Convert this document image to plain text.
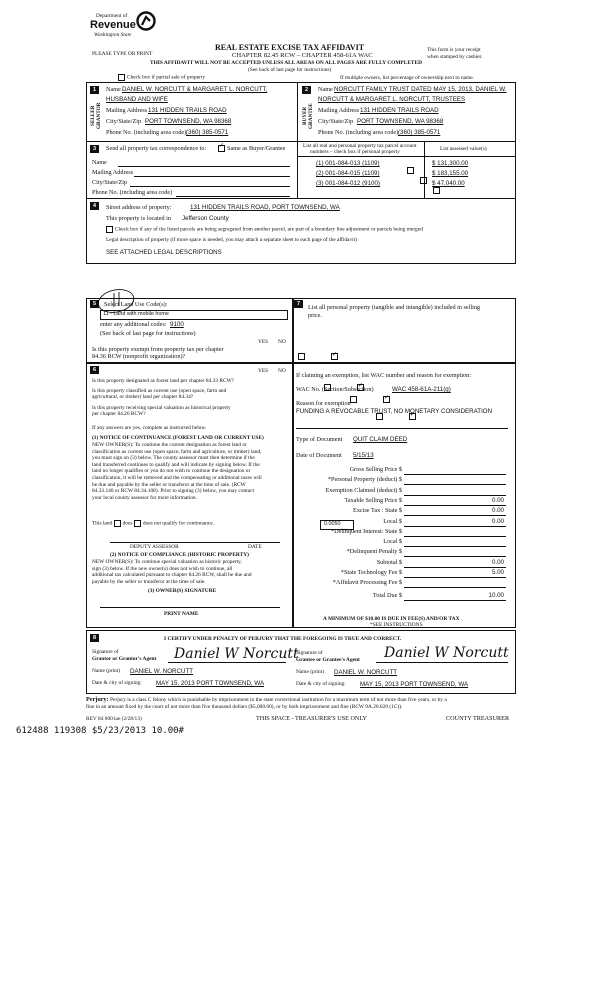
Department of
Revenue
Washington State
PLEASE TYPE OR PRINT
REAL ESTATE EXCISE TAX AFFIDAVIT
CHAPTER 82.45 RCW – CHAPTER 458-61A WAC
THIS AFFIDAVIT WILL NOT BE ACCEPTED UNLESS ALL AREAS ON ALL PAGES ARE FULLY COMPLETED
(See back of last page for instructions)
This form is your receipt
when stamped by cashier.
Check box if partial sale of property	If multiple owners, list percentage of ownership next to name.
1
SELLER GRANTOR
Name DANIEL W. NORCUTT & MARGARET L. NORCUTT,
HUSBAND AND WIFE
Mailing Address 131 HIDDEN TRAILS ROAD
City/State/Zip PORT TOWNSEND, WA 98368
Phone No. (including area code) (360) 385-0571
2
BUYER GRANTEE
Name NORCUTT FAMILY TRUST DATED MAY 15, 2013, DANIEL W.
NORCUTT & MARGARET L. NORCUTT, TRUSTEES
Mailing Address 131 HIDDEN TRAILS ROAD
City/State/Zip PORT TOWNSEND, WA 98368
Phone No. (including area code) (360) 385-0571
3	Send all property tax correspondence to:
✓	Same as Buyer/Grantee
Name
Mailing Address
City/State/Zip
Phone No. (including area code)
List all real and personal property tax parcel account
numbers – check box if personal property	List assessed value(s)
(1) 001-084-013 (1109)
	$ 131,300.00
(2) 001-084-015 (1109)
	$ 183,155.00
(3) 001-084-012 (9100)
	$ 47,040.00
4	Street address of property:	131 HIDDEN TRAILS ROAD, PORT TOWNSEND, WA
This property is located in Jefferson County
Check box if any of the listed parcels are being segregated from another parcel, are part of a boundary line adjustment or parcels being merged
Legal description of property (if more space is needed, you may attach a separate sheet to each page of the affidavit)
SEE ATTACHED LEGAL DESCRIPTIONS
5	Select Land Use Code(s):
11 - Land with mobile home
enter any additional codes: 9100
(See back of last page for instructions)
YES NO
Is this property exempt from property tax per chapter
84.36 RCW (nonprofit organization)?
✓
7	List all personal property (tangible and intangible) included in selling
price.
6	YES NO
Is this property designated as forest land per chapter 84.33 RCW?
✓
Is this property classified as current use (open space, farm and
agricultural, or timber) land per chapter 84.34?
✓
Is this property receiving special valuation as historical property
per chapter 84.26 RCW?
✓
If any answers are yes, complete as instructed below.
(1) NOTICE OF CONTINUANCE (FOREST LAND OR CURRENT USE)
NEW OWNER(S): To continue the current designation as forest land or
classification as current use (open space, farm and agriculture, or timber) land,
you must sign on (3) below. The county assessor must then determine if the
land transferred continues to qualify and will indicate by signing below. If the
land no longer qualifies or you do not wish to continue the designation or
classification, it will be removed and the compensating or additional taxes will
be due and payable by the seller or transferor at the time of sale. (RCW
84.33.140 or RCW 84.34.108). Prior to signing (3) below, you may contact
your local county assessor for more information.
This land does does not qualify for continuance.
DEPUTY ASSESSOR	DATE
(2) NOTICE OF COMPLIANCE (HISTORIC PROPERTY)
NEW OWNER(S): To continue special valuation as historic property,
sign (3) below. If the new owner(s) does not wish to continue, all
additional tax calculated pursuant to chapter 84.26 RCW, shall be due and
payable by the seller or transferor at the time of sale.
(3) OWNER(S) SIGNATURE
PRINT NAME
If claiming an exemption, list WAC number and reason for exemption:
WAC No. (Section/Subsection)	WAC 458-61A-211(g)
Reason for exemption
FUNDING A REVOCABLE TRUST, NO MONETARY CONSIDERATION
Type of Document QUIT CLAIM DEED
Date of Document 5/15/13
Gross Selling Price $
*Personal Property (deduct) $
Exemption Claimed (deduct) $
Taxable Selling Price $	0.00
Excise Tax : State $	0.00
Local $	0.00
*Delinquent Interest: State $
Local $
*Delinquent Penalty $
Subtotal $	0.00
*State Technology Fee $	5.00
*Affidavit Processing Fee $
Total Due $	10.00
0.0050
A MINIMUM OF $10.00 IS DUE IN FEE(S) AND/OR TAX
*SEE INSTRUCTIONS
8	I CERTIFY UNDER PENALTY OF PERJURY THAT THE FOREGOING IS TRUE AND CORRECT.
Signature of
Grantor or Grantor's Agent Daniel W Norcutt
Name (print) DANIEL W. NORCUTT
Date & city of signing: MAY 15, 2013 PORT TOWNSEND, WA
Signature of
Grantee or Grantee's Agent Daniel W Norcutt
Name (print) DANIEL W. NORCUTT
Date & city of signing: MAY 15, 2013 PORT TOWNSEND, WA
Perjury: Perjury is a class C felony which is punishable by imprisonment in the state correctional institution for a maximum term of not more than five years, or by a
fine in an amount fixed by the court of not more than five thousand dollars ($5,000.00), or by both imprisonment and fine (RCW 9A.20.020 (1C)).
REV 84 0001ae (2/28/13)	THIS SPACE - TREASURER'S USE ONLY	COUNTY TREASURER
612488 119308 $5/23/2013 10.00#
